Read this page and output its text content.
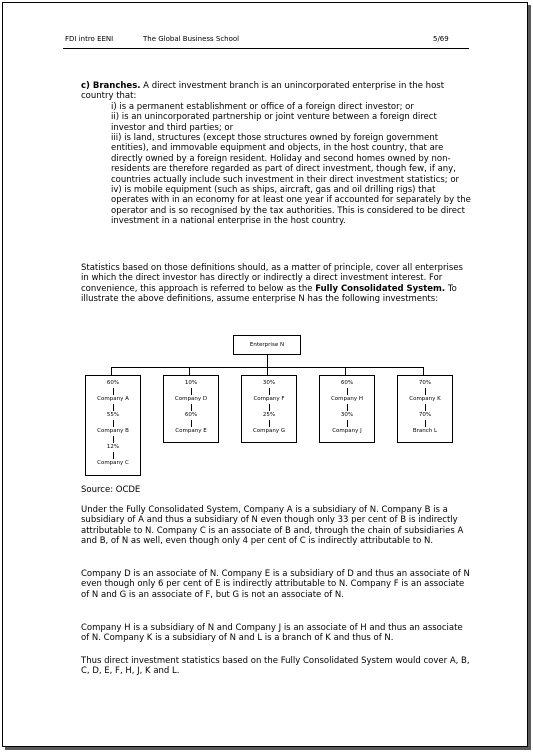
FDI intro EENI	The Global Business School	5/69

c) Branches. A direct investment branch is an unincorporated enterprise in the host country that:

i) is a permanent establishment or office of a foreign direct investor; or

ii) is an unincorporated partnership or joint venture between a foreign direct investor and third parties; or

iii) is land, structures (except those structures owned by foreign government entities), and immovable equipment and objects, in the host country, that are directly owned by a foreign resident. Holiday and second homes owned by non-residents are therefore regarded as part of direct investment, though few, if any, countries actually include such investment in their direct investment statistics; or

iv) is mobile equipment (such as ships, aircraft, gas and oil drilling rigs) that operates with in an economy for at least one year if accounted for separately by the operator and is so recognised by the tax authorities. This is considered to be direct investment in a national enterprise in the host country.

Statistics based on those definitions should, as a matter of principle, cover all enterprises in which the direct investor has directly or indirectly a direct investment interest. For convenience, this approach is referred to below as the Fully Consolidated System. To illustrate the above definitions, assume enterprise N has the following investments:

Enterprise N
60%
Company A
55%
Company B
12%
Company C
10%
Company D
60%
Company E
30%
Company F
25%
Company G
60%
Company H
30%
Company J
70%
Company K
70%
Branch L

Source: OCDE

Under the Fully Consolidated System, Company A is a subsidiary of N. Company B is a subsidiary of A and thus a subsidiary of N even though only 33 per cent of B is indirectly attributable to N. Company C is an associate of B and, through the chain of subsidiaries A and B, of N as well, even though only 4 per cent of C is indirectly attributable to N.

Company D is an associate of N. Company E is a subsidiary of D and thus an associate of N even though only 6 per cent of E is indirectly attributable to N. Company F is an associate of N and G is an associate of F, but G is not an associate of N.

Company H is a subsidiary of N and Company J is an associate of H and thus an associate of N. Company K is a subsidiary of N and L is a branch of K and thus of N.

Thus direct investment statistics based on the Fully Consolidated System would cover A, B, C, D, E, F, H, J, K and L.
